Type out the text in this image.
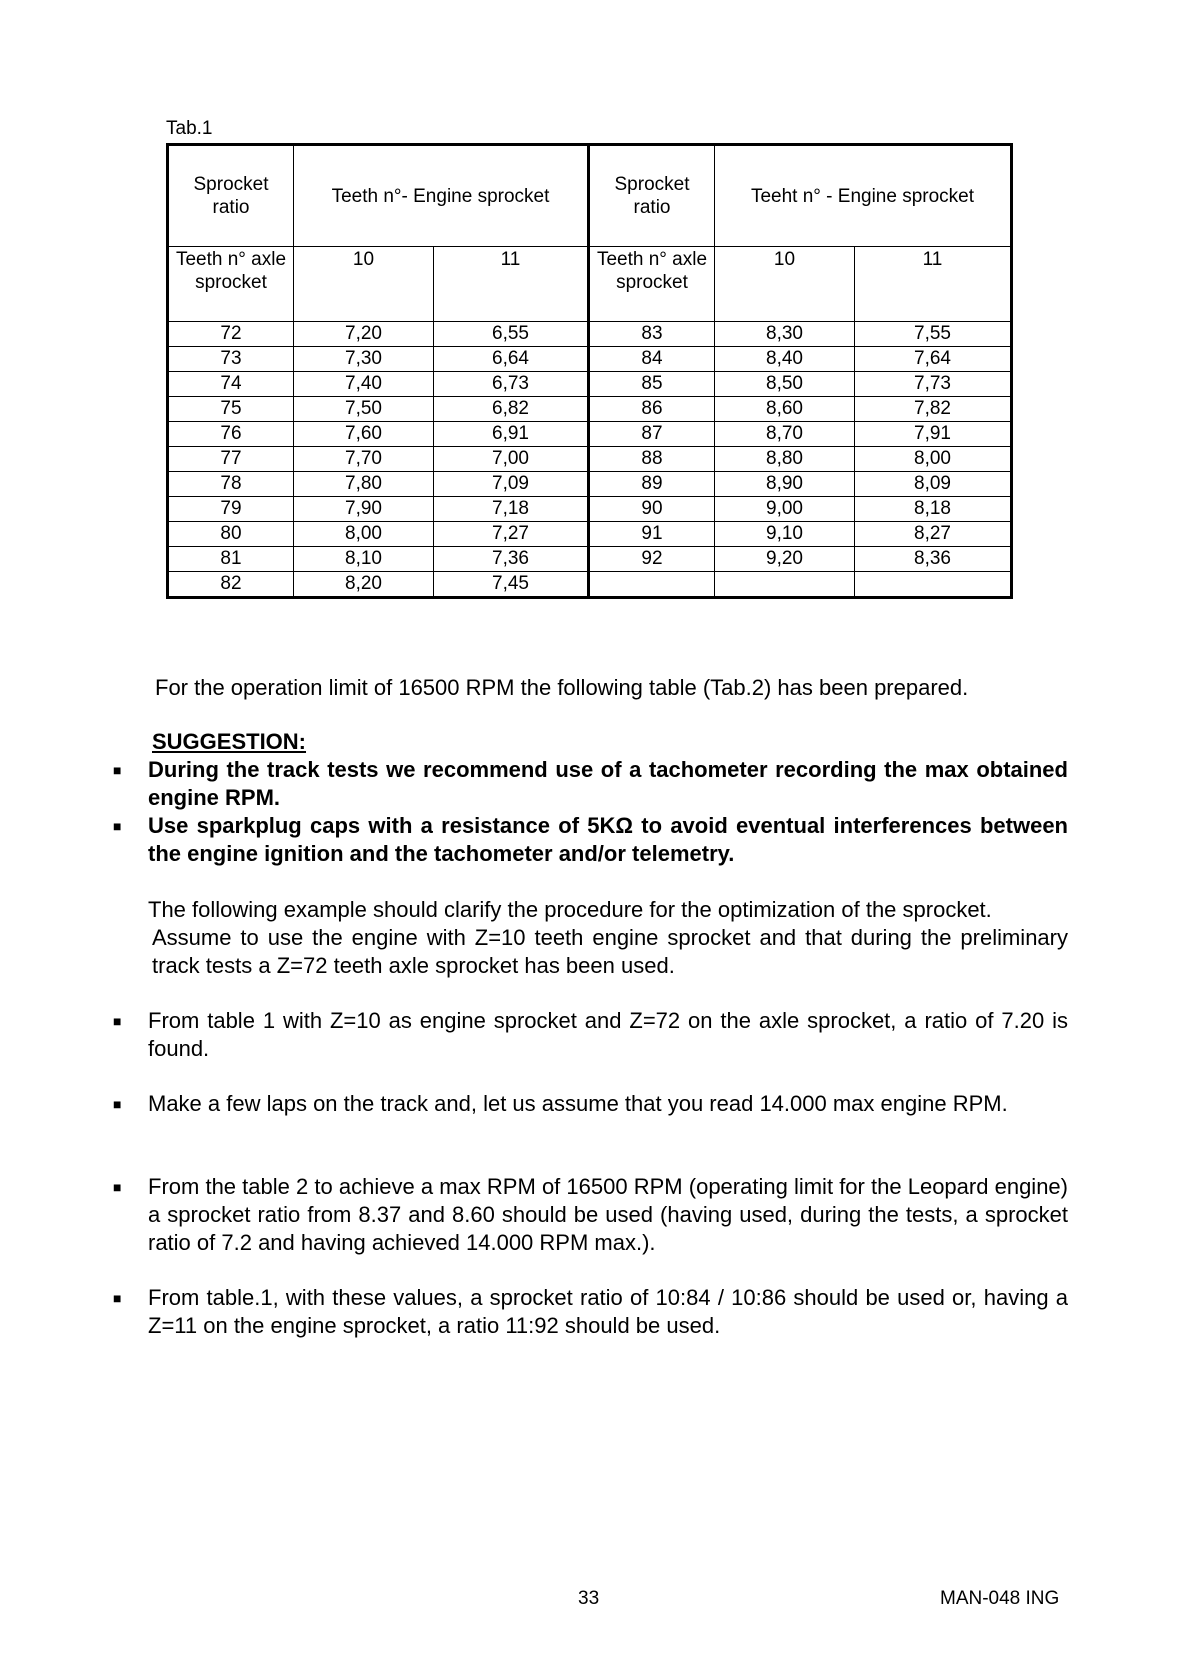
Tab.1
Sprocket ratio	Teeth n°- Engine sprocket		Sprocket ratio	Teeht n° - Engine sprocket	
Teeth n° axle sprocket	10	11	Teeth n° axle sprocket	10	11
72	7,20	6,55	83	8,30	7,55
73	7,30	6,64	84	8,40	7,64
74	7,40	6,73	85	8,50	7,73
75	7,50	6,82	86	8,60	7,82
76	7,60	6,91	87	8,70	7,91
77	7,70	7,00	88	8,80	8,00
78	7,80	7,09	89	8,90	8,09
79	7,90	7,18	90	9,00	8,18
80	8,00	7,27	91	9,10	8,27
81	8,10	7,36	92	9,20	8,36
82	8,20	7,45			
For the operation limit of 16500 RPM the following table (Tab.2) has been prepared.
SUGGESTION:
■ During the track tests we recommend use of a tachometer recording the max obtained engine RPM.
■ Use sparkplug caps with a resistance of 5KΩ to avoid eventual interferences between the engine ignition and the tachometer and/or telemetry.
The following example should clarify the procedure for the optimization of the sprocket.
Assume to use the engine with Z=10 teeth engine sprocket and that during the preliminary track tests a Z=72 teeth axle sprocket has been used.
■ From table 1 with Z=10 as engine sprocket and Z=72 on the axle sprocket, a ratio of 7.20 is found.
■ Make a few laps on the track and, let us assume that you read 14.000 max engine RPM.
■ From the table 2 to achieve a max RPM of 16500 RPM (operating limit for the Leopard engine) a sprocket ratio from 8.37 and 8.60 should be used (having used, during the tests, a sprocket ratio of 7.2 and having achieved 14.000 RPM max.).
■ From table.1, with these values, a sprocket ratio of 10:84 / 10:86 should be used or, having a Z=11 on the engine sprocket, a ratio 11:92 should be used.
33	MAN-048 ING
